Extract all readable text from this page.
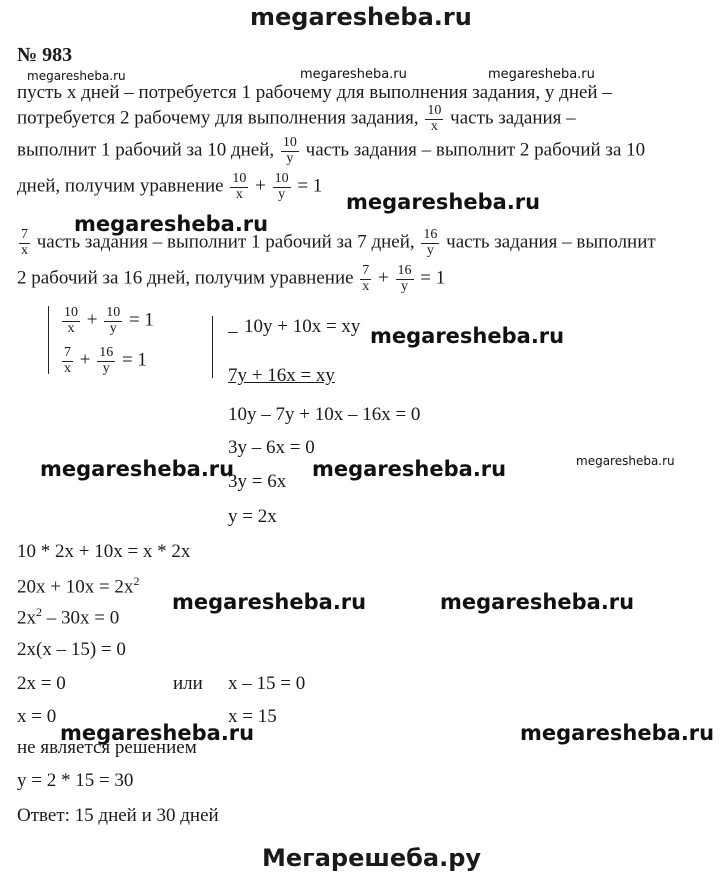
megaresheba.ru
№ 983
megaresheba.ru	megaresheba.ru	megaresheba.ru
пусть x дней – потребуется 1 рабочему для выполнения задания, y дней –
потребуется 2 рабочему для выполнения задания, $\frac{10}{x}$ часть задания –
выполнит 1 рабочий за 10 дней, $\frac{10}{y}$ часть задания – выполнит 2 рабочий за 10
дней, получим уравнение $\frac{10}{x} + \frac{10}{y} = 1$
megaresheba.ru
megaresheba.ru
$\frac{7}{x}$ часть задания – выполнит 1 рабочий за 7 дней, $\frac{16}{y}$ часть задания – выполнит
2 рабочий за 16 дней, получим уравнение $\frac{7}{x} + \frac{16}{y} = 1$
$\frac{10}{x} + \frac{10}{y} = 1$
$\frac{7}{x} + \frac{16}{y} = 1$
– 10y + 10x = xy megaresheba.ru
7y + 16x = xy
10y – 7y + 10x – 16x = 0
3y – 6x = 0
megaresheba.ru	megaresheba.ru	megaresheba.ru
3y = 6x
y = 2x
10 * 2x + 10x = x * 2x
$20x + 10x = 2x^2$
megaresheba.ru	megaresheba.ru
$2x^2 - 30x = 0$
2x(x – 15) = 0
2x = 0	или x – 15 = 0
x = 0
megaresheba.ru
x = 15
megaresheba.ru
не является решением
y = 2 * 15 = 30
Ответ: 15 дней и 30 дней
Мегарешеба.ру
